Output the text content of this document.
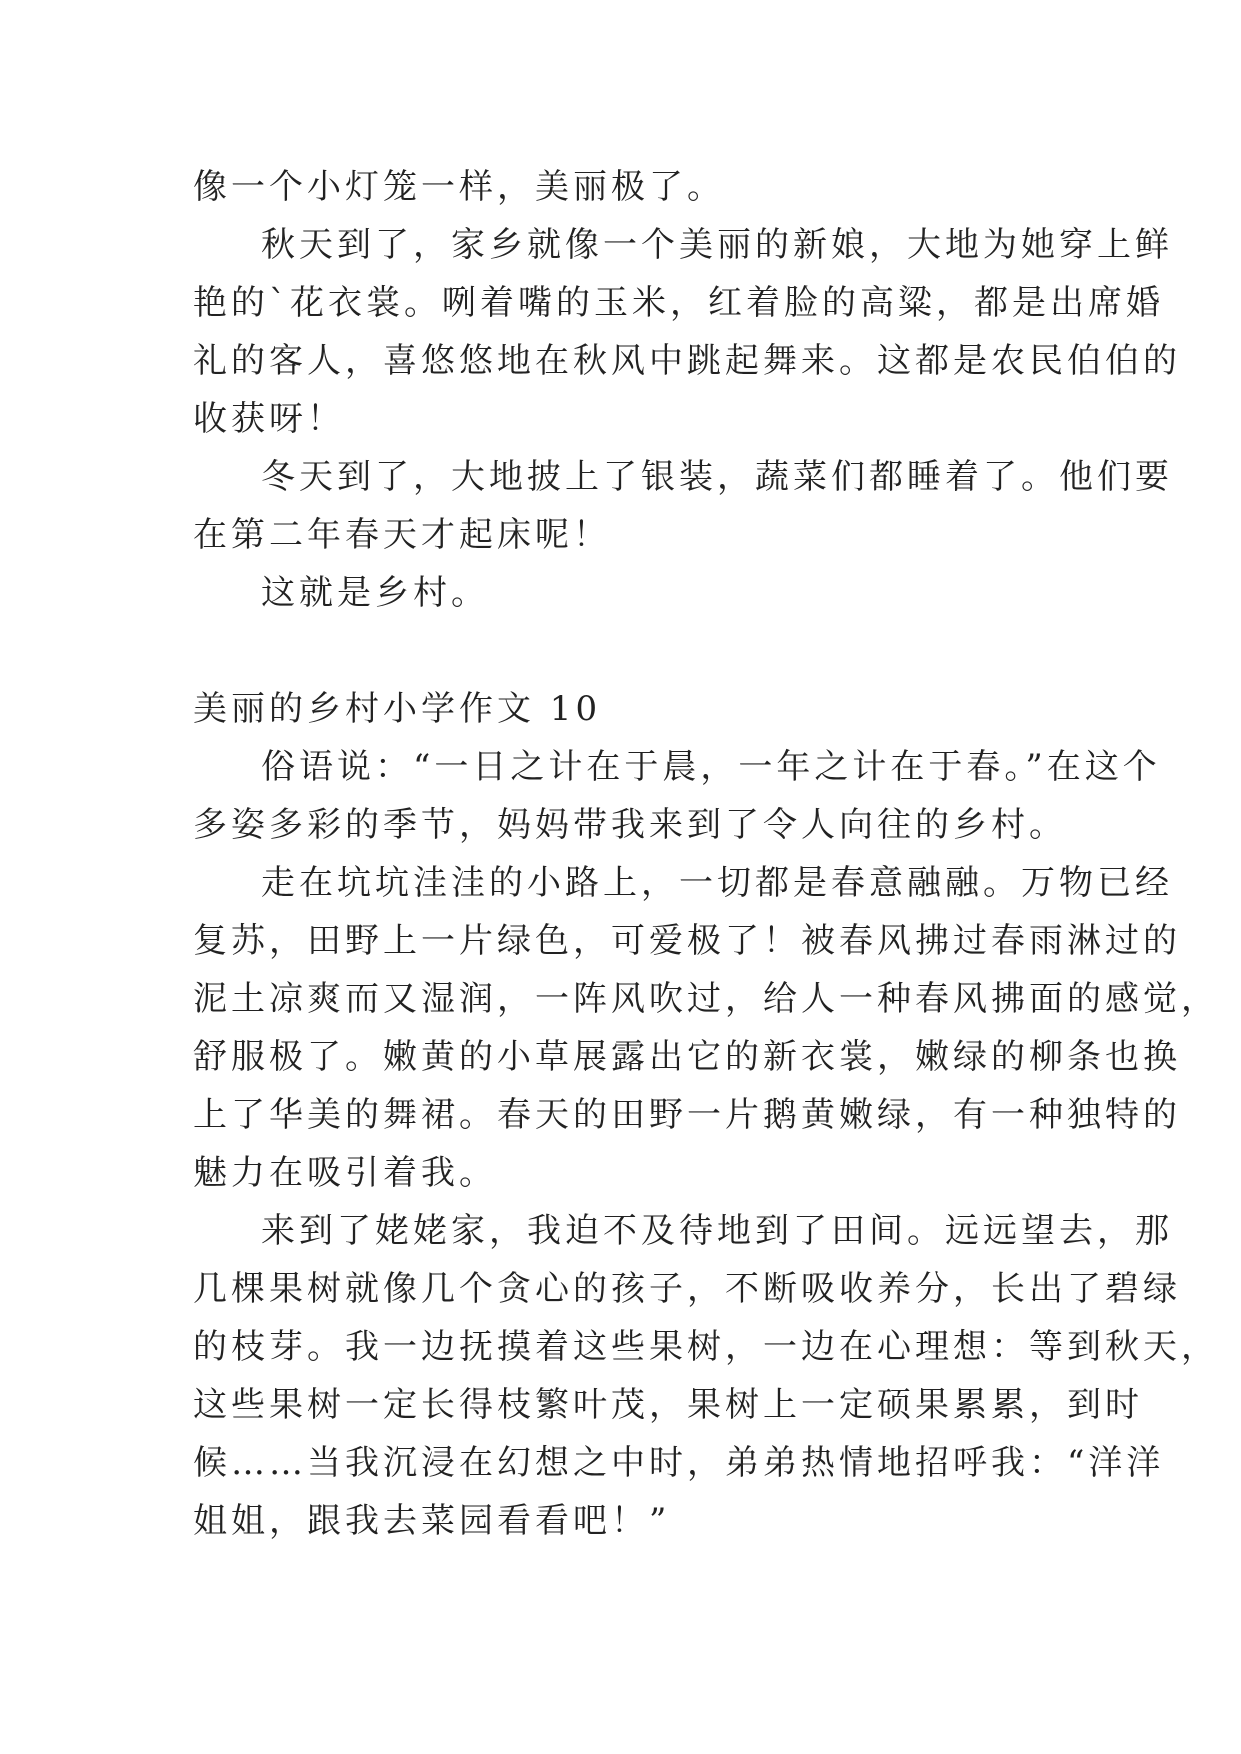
像一个小灯笼一样，美丽极了。
秋天到了，家乡就像一个美丽的新娘，大地为她穿上鲜
艳的`花衣裳。咧着嘴的玉米，红着脸的高粱，都是出席婚
礼的客人，喜悠悠地在秋风中跳起舞来。这都是农民伯伯的
收获呀！
冬天到了，大地披上了银装，蔬菜们都睡着了。他们要
在第二年春天才起床呢！
这就是乡村。
美丽的乡村小学作文 10
俗语说：“一日之计在于晨，一年之计在于春。”在这个
多姿多彩的季节，妈妈带我来到了令人向往的乡村。
走在坑坑洼洼的小路上，一切都是春意融融。万物已经
复苏，田野上一片绿色，可爱极了！被春风拂过春雨淋过的
泥土凉爽而又湿润，一阵风吹过，给人一种春风拂面的感觉，
舒服极了。嫩黄的小草展露出它的新衣裳，嫩绿的柳条也换
上了华美的舞裙。春天的田野一片鹅黄嫩绿，有一种独特的
魅力在吸引着我。
来到了姥姥家，我迫不及待地到了田间。远远望去，那
几棵果树就像几个贪心的孩子，不断吸收养分，长出了碧绿
的枝芽。我一边抚摸着这些果树，一边在心理想：等到秋天，
这些果树一定长得枝繁叶茂，果树上一定硕果累累，到时
候……当我沉浸在幻想之中时，弟弟热情地招呼我：“洋洋
姐姐，跟我去菜园看看吧！”
